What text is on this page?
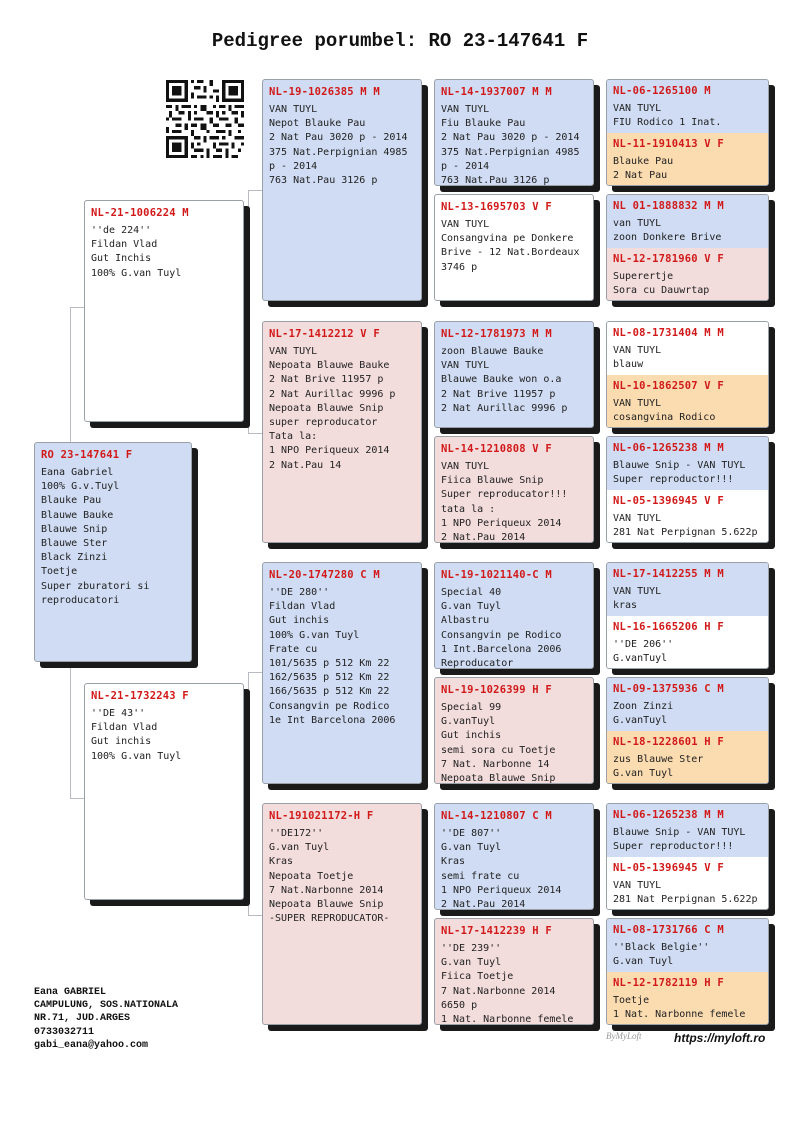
Pedigree porumbel: RO 23-147641 F
RO 23-147641 F
Eana Gabriel
100% G.v.Tuyl
Blauke Pau
Blauwe Bauke
Blauwe Snip
Blauwe Ster
Black Zinzi
Toetje
Super zburatori si
reproducatori
NL-21-1006224 M
''de 224''
Fildan Vlad
Gut Inchis
100% G.van Tuyl
NL-21-1732243 F
''DE 43''
Fildan Vlad
Gut inchis
100% G.van Tuyl
NL-19-1026385 M M
VAN TUYL
Nepot Blauke Pau
2 Nat Pau 3020 p - 2014
375 Nat.Perpignian 4985
p - 2014
763 Nat.Pau 3126 p
NL-17-1412212 V F
VAN TUYL
Nepoata Blauwe Bauke
2 Nat Brive 11957 p
2 Nat Aurillac 9996 p
Nepoata Blauwe Snip
super reproducator
Tata la:
1 NPO Periqueux 2014
2 Nat.Pau 14
NL-20-1747280 C M
''DE 280''
Fildan Vlad
Gut inchis
100% G.van Tuyl
Frate cu
101/5635 p 512 Km 22
162/5635 p 512 Km 22
166/5635 p 512 Km 22
Consangvin pe Rodico
1e Int Barcelona 2006
NL-191021172-H F
''DE172''
G.van Tuyl
Kras
Nepoata Toetje
7 Nat.Narbonne 2014
Nepoata Blauwe Snip
-SUPER REPRODUCATOR-
NL-14-1937007 M M
VAN TUYL
Fiu Blauke Pau
2 Nat Pau 3020 p - 2014
375 Nat.Perpignian 4985
p - 2014
763 Nat.Pau 3126 p
NL-13-1695703 V F
VAN TUYL
Consangvina pe Donkere
Brive - 12 Nat.Bordeaux
3746 p
NL-12-1781973 M M
zoon Blauwe Bauke
VAN TUYL
Blauwe Bauke won o.a
2 Nat Brive 11957 p
2 Nat Aurillac 9996 p
NL-14-1210808 V F
VAN TUYL
Fiica Blauwe Snip
Super reproducator!!!
tata la :
1 NPO Periqueux 2014
2 Nat.Pau 2014
NL-19-1021140-C M
Special 40
G.van Tuyl
Albastru
Consangvin pe Rodico
1 Int.Barcelona 2006
Reproducator
NL-19-1026399 H F
Special 99
G.vanTuyl
Gut inchis
semi sora cu Toetje
7 Nat. Narbonne 14
Nepoata Blauwe Snip
NL-14-1210807 C M
''DE 807''
G.van Tuyl
Kras
semi frate cu
1 NPO Periqueux 2014
2 Nat.Pau 2014
NL-17-1412239 H F
''DE 239''
G.van Tuyl
Fiica Toetje
7 Nat.Narbonne 2014
6650 p
1 Nat. Narbonne femele
NL-06-1265100 M
VAN TUYL
FIU Rodico 1 Inat.
NL-11-1910413 V F
Blauke Pau
2 Nat Pau
NL 01-1888832 M M
van TUYL
zoon Donkere Brive
NL-12-1781960 V F
Superertje
Sora cu Dauwrtap
NL-08-1731404 M M
VAN TUYL
blauw
NL-10-1862507 V F
VAN TUYL
cosangvina Rodico
NL-06-1265238 M M
Blauwe Snip - VAN TUYL
Super reproductor!!!
NL-05-1396945 V F
VAN TUYL
281 Nat Perpignan 5.622p
NL-17-1412255 M M
VAN TUYL
kras
NL-16-1665206 H F
''DE 206''
G.vanTuyl
NL-09-1375936 C M
Zoon Zinzi
G.vanTuyl
NL-18-1228601 H F
zus Blauwe Ster
G.van Tuyl
NL-06-1265238 M M
Blauwe Snip - VAN TUYL
Super reproductor!!!
NL-05-1396945 V F
VAN TUYL
281 Nat Perpignan 5.622p
NL-08-1731766 C M
''Black Belgie''
G.van Tuyl
NL-12-1782119 H F
Toetje
1 Nat. Narbonne femele
Eana GABRIEL
CAMPULUNG, SOS.NATIONALA
NR.71, JUD.ARGES
0733032711
gabi_eana@yahoo.com
ByMyLoft	https://myloft.ro
